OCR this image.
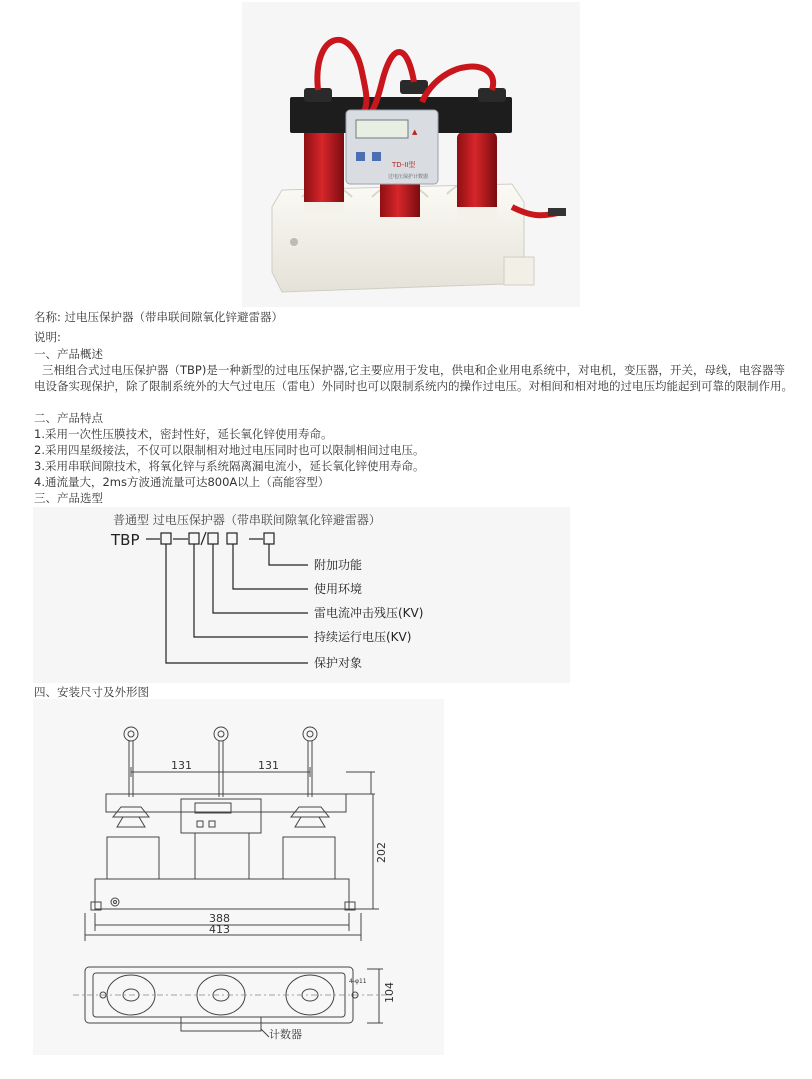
▲
TD-II型
过电压保护计数器
名称: 过电压保护器（带串联间隙氧化锌避雷器）
说明:
一、产品概述
三相组合式过电压保护器（TBP)是一种新型的过电压保护器,它主要应用于发电，供电和企业用电系统中，对电机，变压器，开关，母线，电容器等电设备实现保护，除了限制系统外的大气过电压（雷电）外同时也可以限制系统内的操作过电压。对相间和相对地的过电压均能起到可靠的限制作用。
二、产品特点
1.采用一次性压膜技术，密封性好，延长氧化锌使用寿命。
2.采用四星级接法，不仅可以限制相对地过电压同时也可以限制相间过电压。
3.采用串联间隙技术，将氧化锌与系统隔离漏电流小，延长氧化锌使用寿命。
4.通流量大，2ms方波通流量可达800A以上（高能容型）
三、产品选型
普通型 过电压保护器（带串联间隙氧化锌避雷器）
TBP
附加功能
使用环境
雷电流冲击残压(KV)
持续运行电压(KV)
保护对象
四、安装尺寸及外形图
131	131
388
413
计数器
202
104
4-φ11
